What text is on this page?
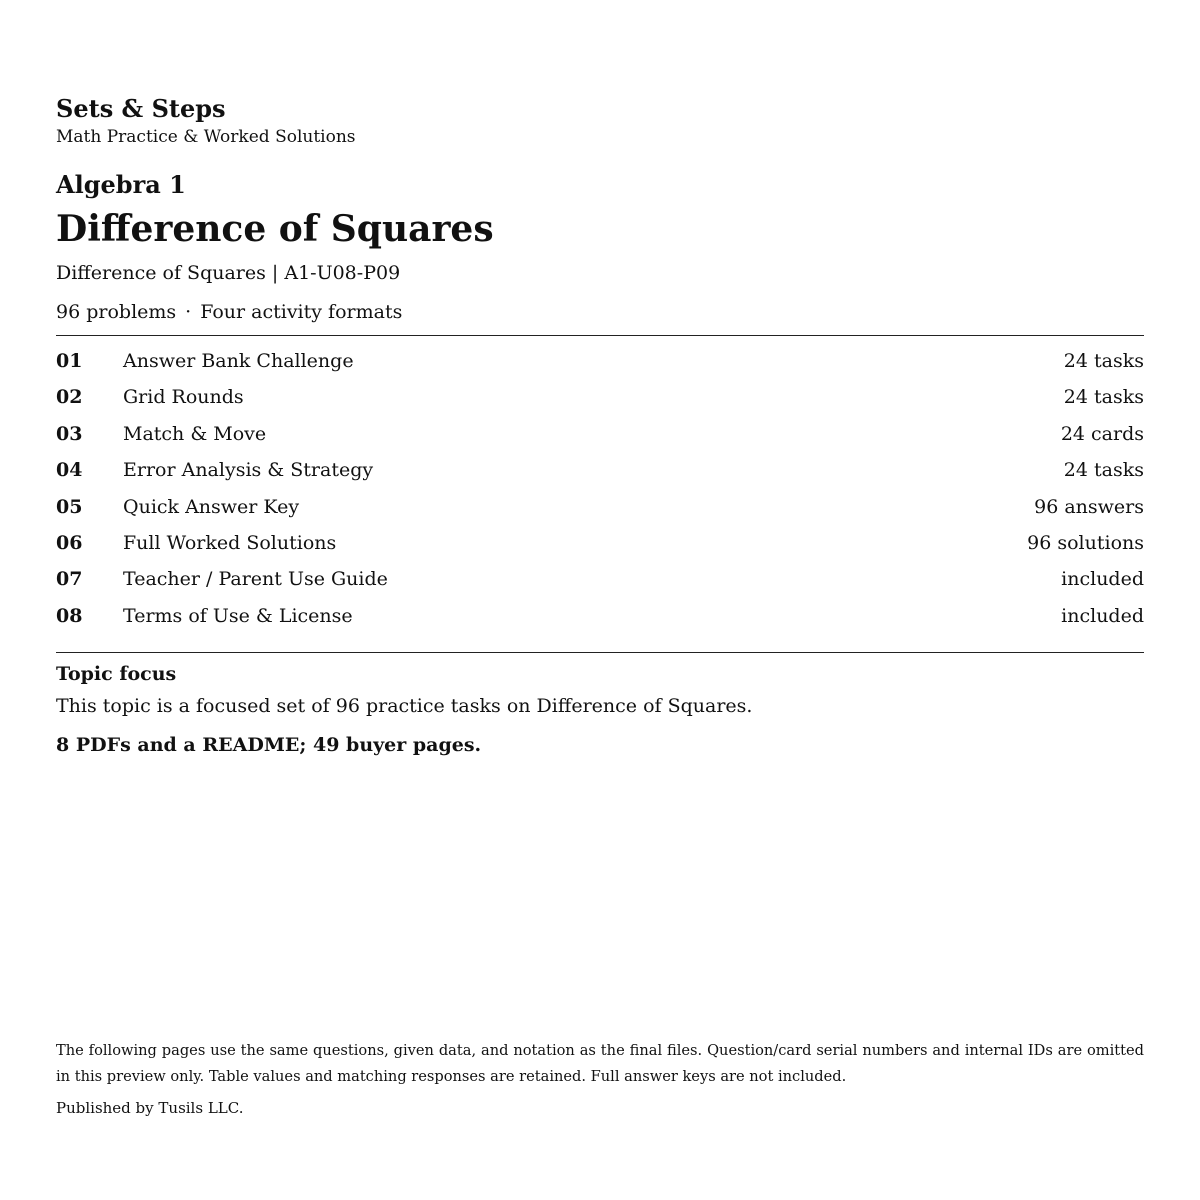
Sets & Steps
Math Practice & Worked Solutions
Algebra 1
Difference of Squares
Difference of Squares | A1-U08-P09
96 problems · Four activity formats
01 Answer Bank Challenge	24 tasks
02 Grid Rounds	24 tasks
03 Match & Move	24 cards
04 Error Analysis & Strategy	24 tasks
05 Quick Answer Key	96 answers
06 Full Worked Solutions	96 solutions
07 Teacher / Parent Use Guide	included
08 Terms of Use & License	included
Topic focus
This topic is a focused set of 96 practice tasks on Difference of Squares.
8 PDFs and a README; 49 buyer pages.
The following pages use the same questions, given data, and notation as the final files. Question/card serial numbers and internal IDs are omitted in this preview only. Table values and matching responses are retained. Full answer keys are not included.
Published by Tusils LLC.
